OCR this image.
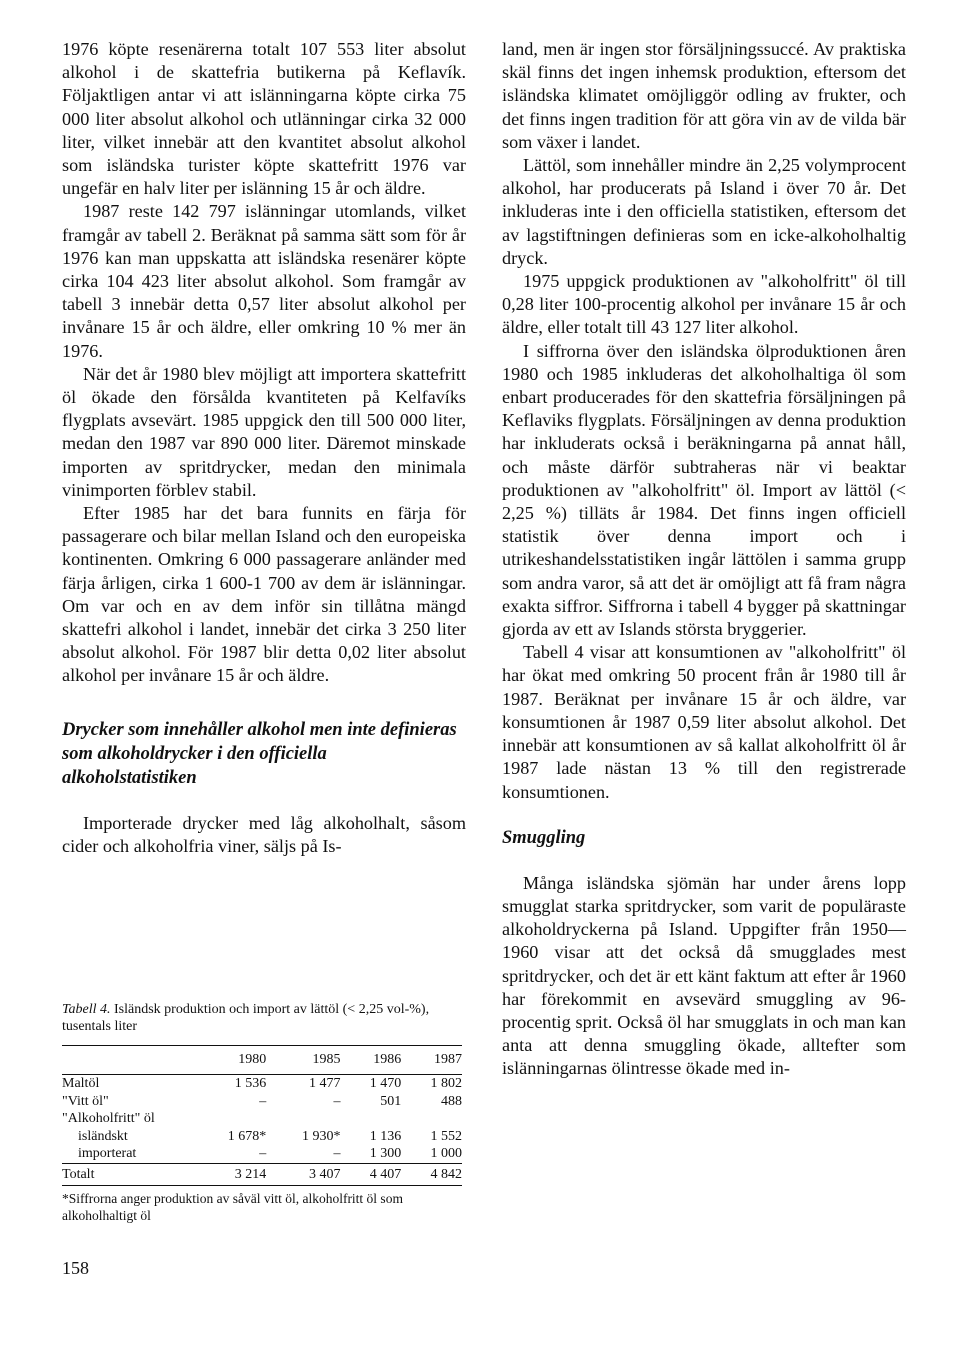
1976 köpte resenärerna totalt 107 553 liter absolut alkohol i de skattefria butikerna på Keflavík. Följaktligen antar vi att islänningarna köpte cirka 75 000 liter absolut alkohol och utlänningar cirka 32 000 liter, vilket innebär att den kvantitet absolut alkohol som isländska turister köpte skattefritt 1976 var ungefär en halv liter per islänning 15 år och äldre.

1987 reste 142 797 islänningar utomlands, vilket framgår av tabell 2. Beräknat på samma sätt som för år 1976 kan man uppskatta att isländska resenärer köpte cirka 104 423 liter absolut alkohol. Som framgår av tabell 3 innebär detta 0,57 liter absolut alkohol per invånare 15 år och äldre, eller omkring 10 % mer än 1976.

När det år 1980 blev möjligt att importera skattefritt öl ökade den försålda kvantiteten på Kelfavíks flygplats avsevärt. 1985 uppgick den till 500 000 liter, medan den 1987 var 890 000 liter. Däremot minskade importen av spritdrycker, medan den minimala vinimporten förblev stabil.

Efter 1985 har det bara funnits en färja för passagerare och bilar mellan Island och den europeiska kontinenten. Omkring 6 000 passagerare anländer med färja årligen, cirka 1 600-1 700 av dem är islänningar. Om var och en av dem inför sin tillåtna mängd skattefri alkohol i landet, innebär det cirka 3 250 liter absolut alkohol. För 1987 blir detta 0,02 liter absolut alkohol per invånare 15 år och äldre.

Drycker som innehåller alkohol men inte definieras som alkoholdrycker i den officiella alkoholstatistiken

Importerade drycker med låg alkoholhalt, såsom cider och alkoholfria viner, säljs på Is-

land, men är ingen stor försäljningssuccé. Av praktiska skäl finns det ingen inhemsk produktion, eftersom det isländska klimatet omöjliggör odling av frukter, och det finns ingen tradition för att göra vin av de vilda bär som växer i landet.

Lättöl, som innehåller mindre än 2,25 volymprocent alkohol, har producerats på Island i över 70 år. Det inkluderas inte i den officiella statistiken, eftersom det av lagstiftningen definieras som en icke-alkoholhaltig dryck.

1975 uppgick produktionen av "alkoholfritt" öl till 0,28 liter 100-procentig alkohol per invånare 15 år och äldre, eller totalt till 43 127 liter alkohol.

I siffrorna över den isländska ölproduktionen åren 1980 och 1985 inkluderas det alkoholhaltiga öl som enbart producerades för den skattefria försäljningen på Keflaviks flygplats. Försäljningen av denna produktion har inkluderats också i beräkningarna på annat håll, och måste därför subtraheras när vi beaktar produktionen av "alkoholfritt" öl. Import av lättöl (< 2,25 %) tilläts år 1984. Det finns ingen officiell statistik över denna import och i utrikeshandelsstatistiken ingår lättölen i samma grupp som andra varor, så att det är omöjligt att få fram några exakta siffror. Siffrorna i tabell 4 bygger på skattningar gjorda av ett av Islands största bryggerier.

Tabell 4 visar att konsumtionen av "alkoholfritt" öl har ökat med omkring 50 procent från år 1980 till år 1987. Beräknat per invånare 15 år och äldre, var konsumtionen år 1987 0,59 liter absolut alkohol. Det innebär att konsumtionen av så kallat alkoholfritt öl år 1987 lade nästan 13 % till den registrerade konsumtionen.

Smuggling

Många isländska sjömän har under årens lopp smugglat starka spritdrycker, som varit de populäraste alkoholdryckerna på Island. Uppgifter från 1950—1960 visar att det också då smugglades mest spritdrycker, och det är ett känt faktum att efter år 1960 har förekommit en avsevärd smuggling av 96-procentig sprit. Också öl har smugglats in och man kan anta att denna smuggling ökade, alltefter som islänningarnas ölintresse ökade med in-

Tabell 4. Isländsk produktion och import av lättöl (< 2,25 vol-%), tusentals liter
	1980	1985	1986	1987
Maltöl	1 536	1 477	1 470	1 802
"Vitt öl"	–	–	501	488
"Alkoholfritt" öl				
isländskt	1 678*	1 930*	1 136	1 552
importerat	–	–	1 300	1 000
Totalt	3 214	3 407	4 407	4 842
*Siffrorna anger produktion av såväl vitt öl, alkoholfritt öl som alkoholhaltigt öl
158
